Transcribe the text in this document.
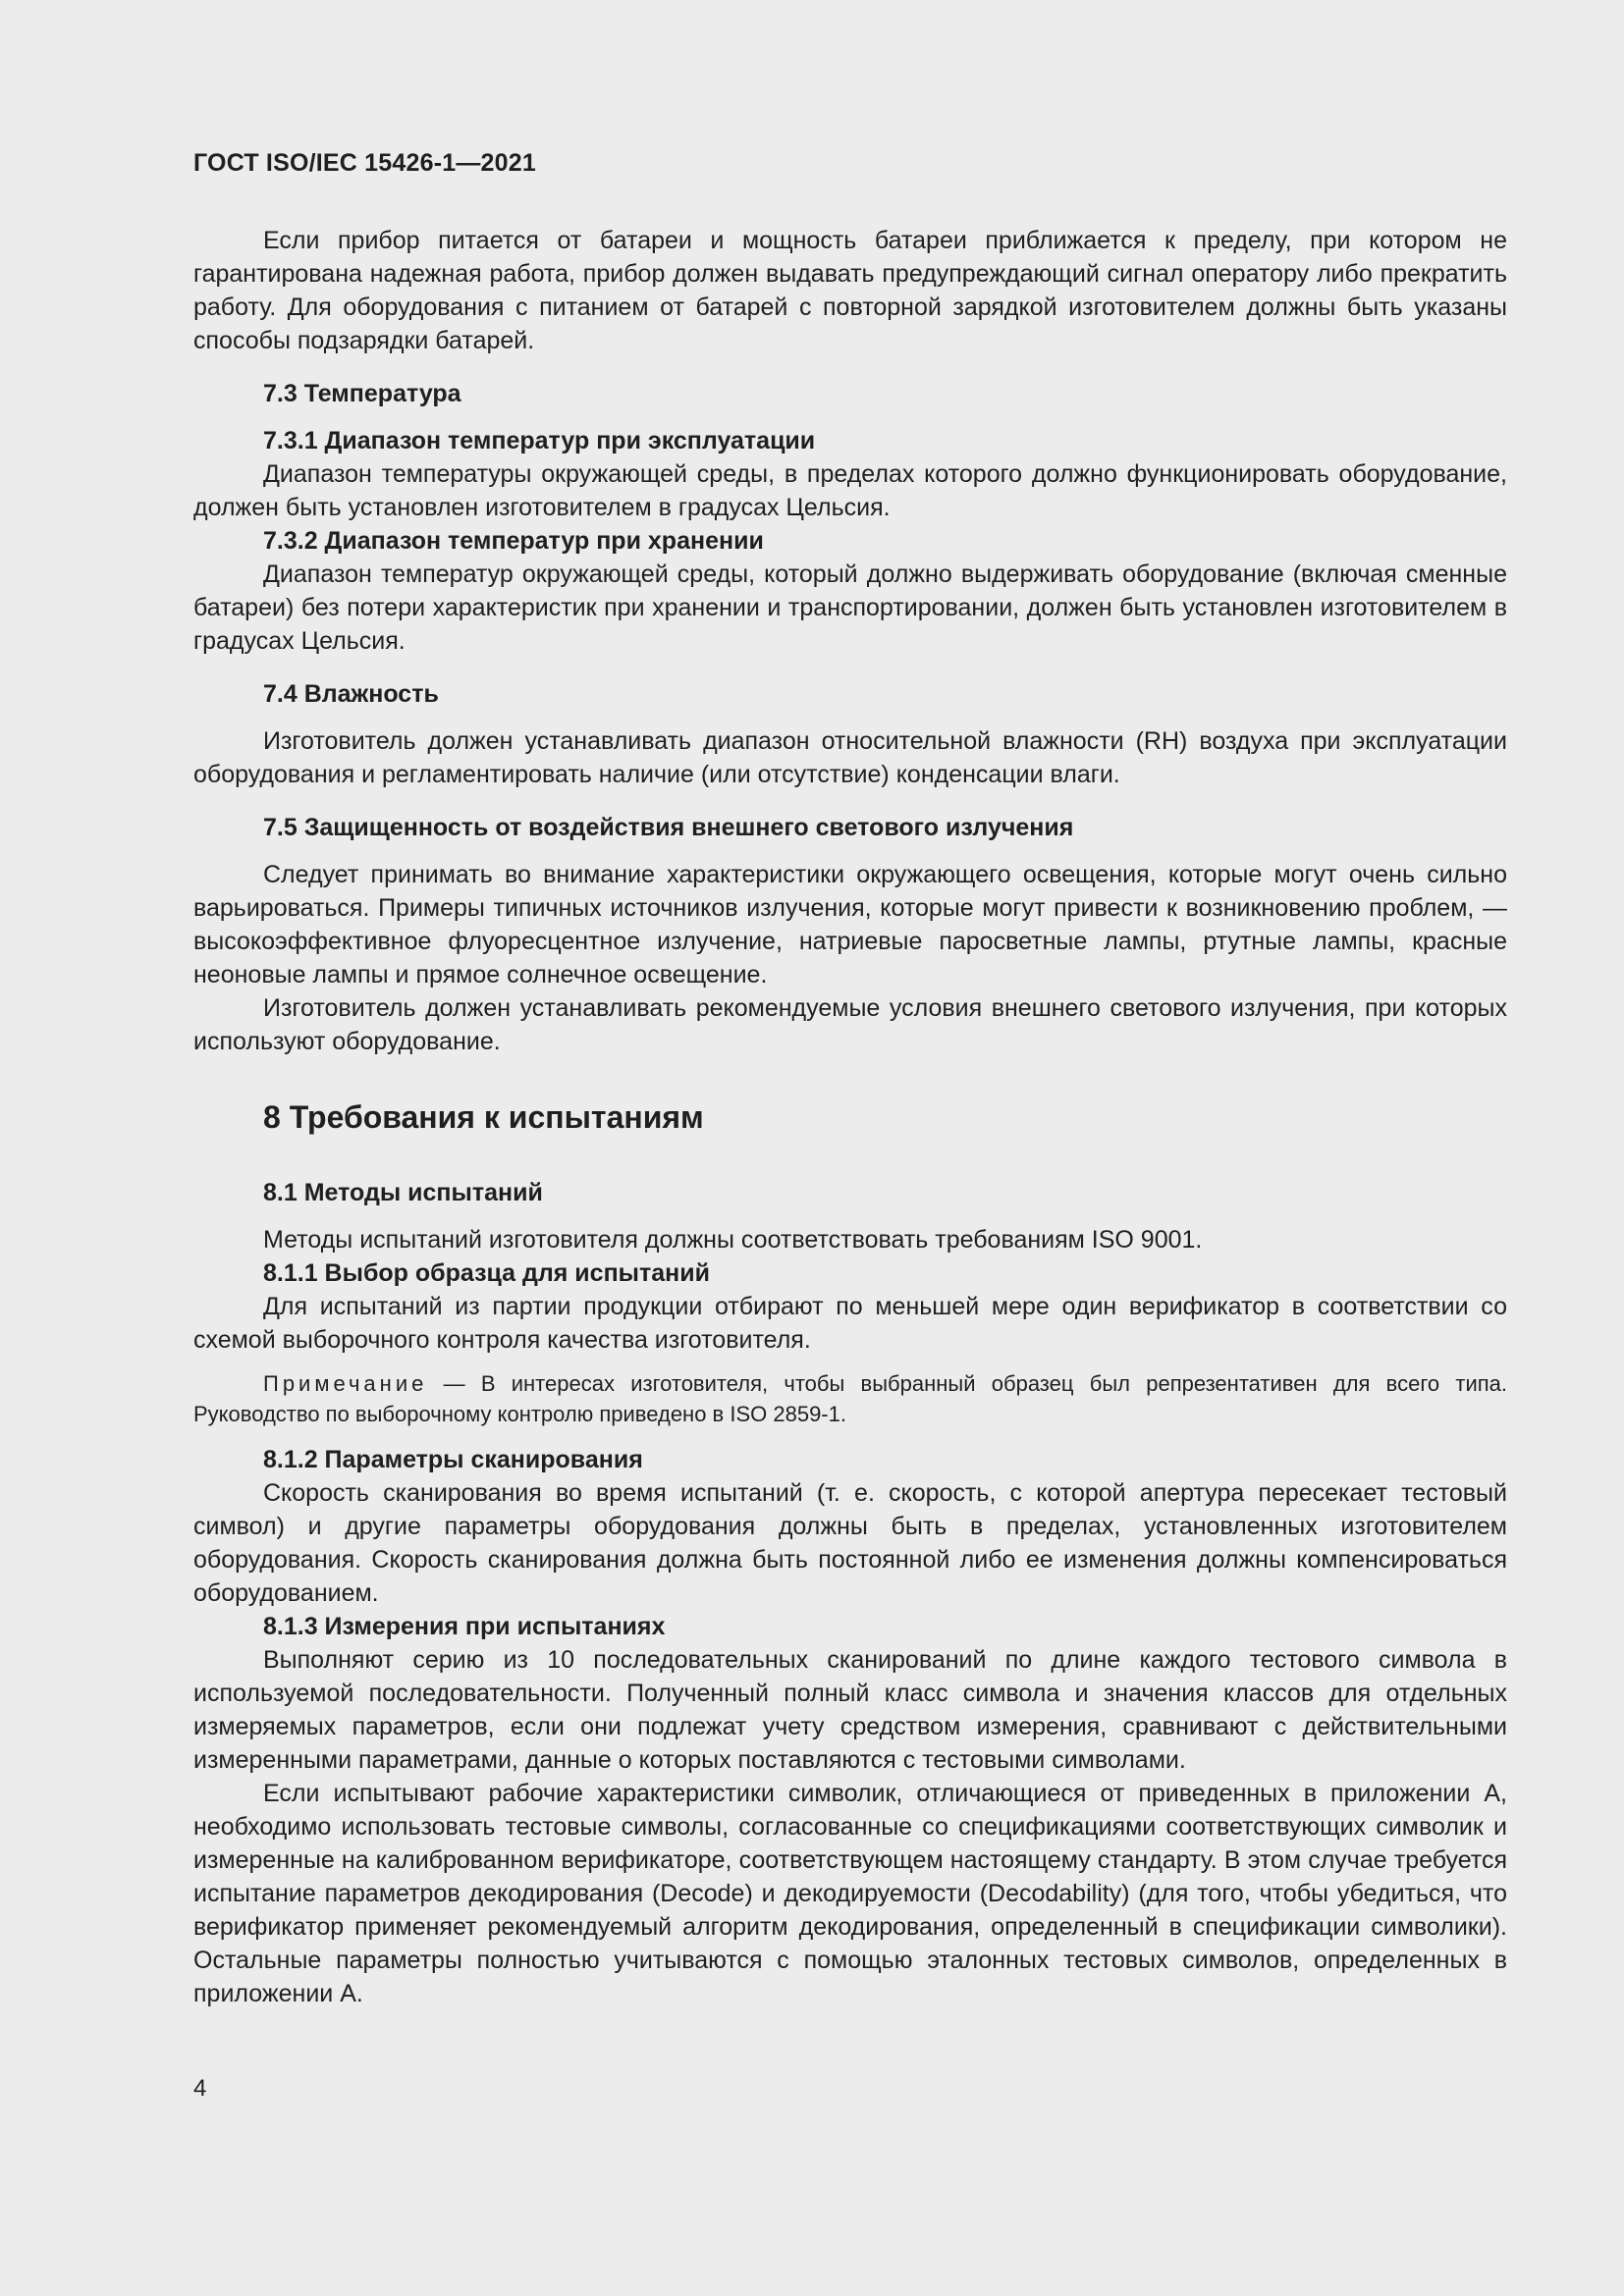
ГОСТ ISO/IEC 15426-1—2021

Если прибор питается от батареи и мощность батареи приближается к пределу, при котором не гарантирована надежная работа, прибор должен выдавать предупреждающий сигнал оператору либо прекратить работу. Для оборудования с питанием от батарей с повторной зарядкой изготовителем должны быть указаны способы подзарядки батарей.

7.3 Температура
7.3.1 Диапазон температур при эксплуатации

Диапазон температуры окружающей среды, в пределах которого должно функционировать оборудование, должен быть установлен изготовителем в градусах Цельсия.

7.3.2 Диапазон температур при хранении

Диапазон температур окружающей среды, который должно выдерживать оборудование (включая сменные батареи) без потери характеристик при хранении и транспортировании, должен быть установлен изготовителем в градусах Цельсия.

7.4 Влажность

Изготовитель должен устанавливать диапазон относительной влажности (RH) воздуха при эксплуатации оборудования и регламентировать наличие (или отсутствие) конденсации влаги.

7.5 Защищенность от воздействия внешнего светового излучения

Следует принимать во внимание характеристики окружающего освещения, которые могут очень сильно варьироваться. Примеры типичных источников излучения, которые могут привести к возникновению проблем, — высокоэффективное флуоресцентное излучение, натриевые паросветные лампы, ртутные лампы, красные неоновые лампы и прямое солнечное освещение.

Изготовитель должен устанавливать рекомендуемые условия внешнего светового излучения, при которых используют оборудование.

8 Требования к испытаниям
8.1 Методы испытаний

Методы испытаний изготовителя должны соответствовать требованиям ISO 9001.

8.1.1 Выбор образца для испытаний

Для испытаний из партии продукции отбирают по меньшей мере один верификатор в соответствии со схемой выборочного контроля качества изготовителя.

Примечание — В интересах изготовителя, чтобы выбранный образец был репрезентативен для всего типа. Руководство по выборочному контролю приведено в ISO 2859-1.

8.1.2 Параметры сканирования

Скорость сканирования во время испытаний (т. е. скорость, с которой апертура пересекает тестовый символ) и другие параметры оборудования должны быть в пределах, установленных изготовителем оборудования. Скорость сканирования должна быть постоянной либо ее изменения должны компенсироваться оборудованием.

8.1.3 Измерения при испытаниях

Выполняют серию из 10 последовательных сканирований по длине каждого тестового символа в используемой последовательности. Полученный полный класс символа и значения классов для отдельных измеряемых параметров, если они подлежат учету средством измерения, сравнивают с действительными измеренными параметрами, данные о которых поставляются с тестовыми символами.

Если испытывают рабочие характеристики символик, отличающиеся от приведенных в приложении А, необходимо использовать тестовые символы, согласованные со спецификациями соответствующих символик и измеренные на калиброванном верификаторе, соответствующем настоящему стандарту. В этом случае требуется испытание параметров декодирования (Decode) и декодируемости (Decodability) (для того, чтобы убедиться, что верификатор применяет рекомендуемый алгоритм декодирования, определенный в спецификации символики). Остальные параметры полностью учитываются с помощью эталонных тестовых символов, определенных в приложении А.

4
